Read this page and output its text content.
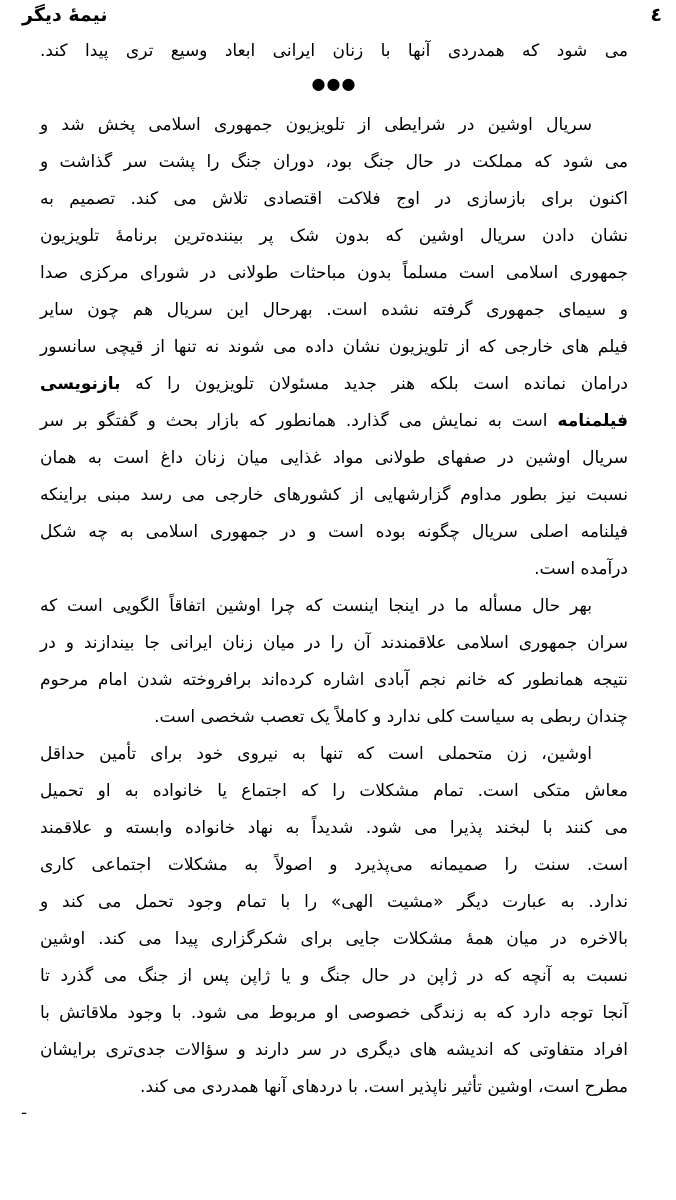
نیمهٔ دیگر	٤
می شود که همدردی آنها با زنان ایرانی ابعاد وسیع تری پیدا کند.
●●●
سریال اوشین در شرایطی از تلویزیون جمهوری اسلامی پخش شد و
می شود که مملکت در حال جنگ بود، دوران جنگ را پشت سر گذاشت و
اکنون برای بازسازی در اوج فلاکت اقتصادی تلاش می کند. تصمیم به
نشان دادن سریال اوشین که بدون شک پر بیننده‌ترین برنامهٔ تلویزیون
جمهوری اسلامی است مسلماً بدون مباحثات طولانی در شورای مرکزی صدا
و سیمای جمهوری گرفته نشده است. بهرحال این سریال هم چون سایر
فیلم های خارجی که از تلویزیون نشان داده می شوند نه تنها از قیچی سانسور
درامان نمانده است بلکه هنر جدید مسئولان تلویزیون را که بازنویسی
فیلمنامه است به نمایش می گذارد. همانطور که بازار بحث و گفتگو بر سر
سریال اوشین در صفهای طولانی مواد غذایی میان زنان داغ است به همان
نسبت نیز بطور مداوم گزارشهایی از کشورهای خارجی می رسد مبنی براینکه
فیلنامه اصلی سریال چگونه بوده است و در جمهوری اسلامی به چه شکل
درآمده است.
بهر حال مسأله ما در اینجا اینست که چرا اوشین اتفاقاً الگویی است که
سران جمهوری اسلامی علاقمندند آن را در میان زنان ایرانی جا بیندازند و در
نتیجه همانطور که خانم نجم آبادی اشاره کرده‌اند برافروخته شدن امام مرحوم
چندان ربطی به سیاست کلی ندارد و کاملاً یک تعصب شخصی است.
اوشین، زن متحملی است که تنها به نیروی خود برای تأمین حداقل
معاش متکی است. تمام مشکلات را که اجتماع یا خانواده به او تحمیل
می کنند با لبخند پذیرا می شود. شدیداً به نهاد خانواده وابسته و علاقمند
است. سنت را صمیمانه می‌پذیرد و اصولاً به مشکلات اجتماعی کاری
ندارد. به عبارت دیگر «مشیت الهی» را با تمام وجود تحمل می کند و
بالاخره در میان همهٔ مشکلات جایی برای شکرگزاری پیدا می کند. اوشین
نسبت به آنچه که در ژاپن در حال جنگ و یا ژاپن پس از جنگ می گذرد تا
آنجا توجه دارد که به زندگی خصوصی او مربوط می شود. با وجود ملاقاتش با
افراد متفاوتی که اندیشه های دیگری در سر دارند و سؤالات جدی‌تری برایشان
مطرح است، اوشین تأثیر ناپذیر است. با دردهای آنها همدردی می کند.
ـ
